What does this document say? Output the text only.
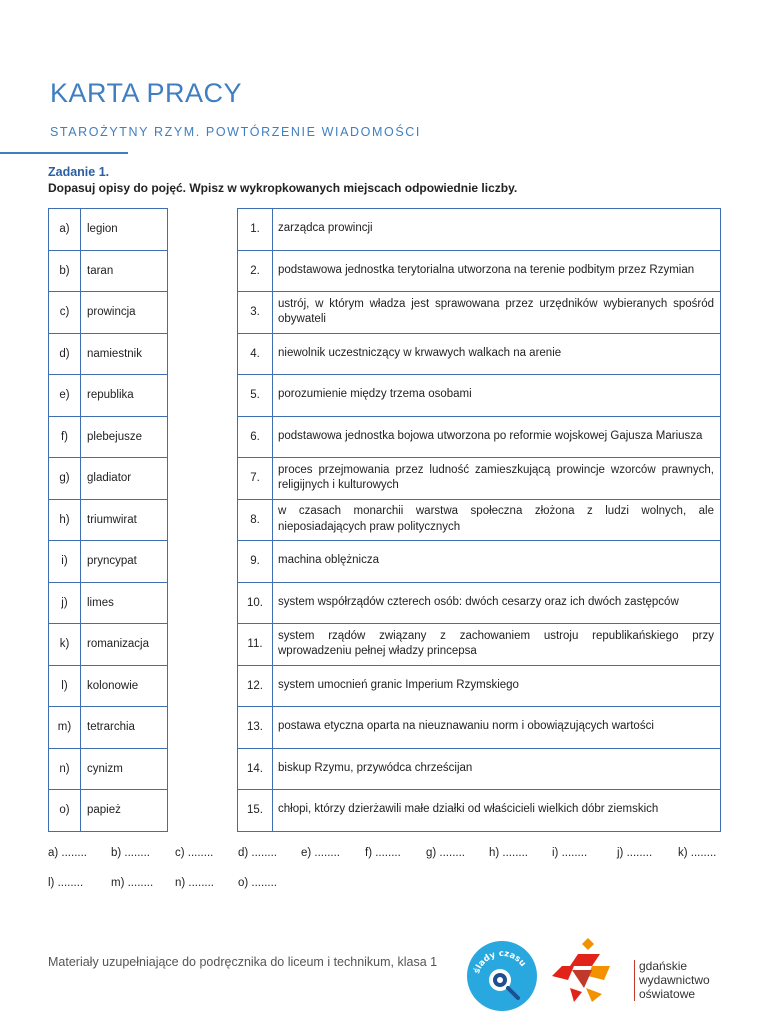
KARTA PRACY
STAROŻYTNY RZYM. POWTÓRZENIE WIADOMOŚCI
Zadanie 1.
Dopasuj opisy do pojęć. Wpisz w wykropkowanych miejscach odpowiednie liczby.
a)	legion
b)	taran
c)	prowincja
d)	namiestnik
e)	republika
f)	plebejusze
g)	gladiator
h)	triumwirat
i)	pryncypat
j)	limes
k)	romanizacja
l)	kolonowie
m)	tetrarchia
n)	cynizm
o)	papież
1.	zarządca prowincji
2.	podstawowa jednostka terytorialna utworzona na terenie podbitym przez Rzymian
3.	ustrój, w którym władza jest sprawowana przez urzędników wybieranych spośród obywateli
4.	niewolnik uczestniczący w krwawych walkach na arenie
5.	porozumienie między trzema osobami
6.	podstawowa jednostka bojowa utworzona po reformie wojskowej Gajusza Mariusza
7.	proces przejmowania przez ludność zamieszkującą prowincje wzorców prawnych, religijnych i kulturowych
8.	w czasach monarchii warstwa społeczna złożona z ludzi wolnych, ale nieposiadających praw politycznych
9.	machina oblężnicza
10.	system współrządów czterech osób: dwóch cesarzy oraz ich dwóch zastępców
11.	system rządów związany z zachowaniem ustroju republikańskiego przy wprowadzeniu pełnej władzy princepsa
12.	system umocnień granic Imperium Rzymskiego
13.	postawa etyczna oparta na nieuznawaniu norm i obowiązujących wartości
14.	biskup Rzymu, przywódca chrześcijan
15.	chłopi, którzy dzierżawili małe działki od właścicieli wielkich dóbr ziemskich
a) ........ b) ........ c) ........ d) ........ e) ........ f) ........ g) ........ h) ........ i) ........	j) ........ k) ........
l) ........ m) ........ n) ........ o) ........
Materiały uzupełniające do podręcznika do liceum i technikum, klasa 1
ślady czasu	gdańskie
wydawnictwo
oświatowe
